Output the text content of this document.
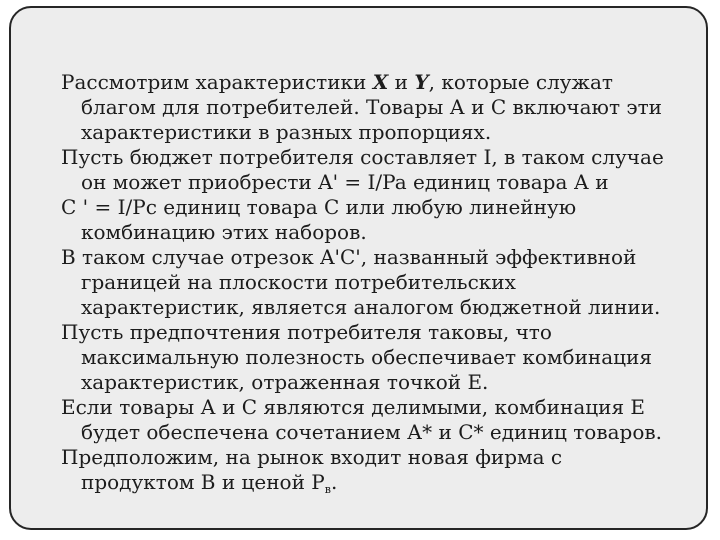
Рассмотрим характеристики X и Y, которые служат
благом для потребителей. Товары А и С включают эти
характеристики в разных пропорциях.

Пусть бюджет потребителя составляет I, в таком случае
он может приобрести A' = I/Pa единиц товара А и

С ' = I/Pc единиц товара С или любую линейную
комбинацию этих наборов.

В таком случае отрезок A'C', названный эффективной
границей на плоскости потребительских
характеристик, является аналогом бюджетной линии.

Пусть предпочтения потребителя таковы, что
максимальную полезность обеспечивает комбинация
характеристик, отраженная точкой Е.

Если товары А и С являются делимыми, комбинация Е
будет обеспечена сочетанием А* и С* единиц товаров.

Предположим, на рынок входит новая фирма с
продуктом В и ценой $Р_в$.
